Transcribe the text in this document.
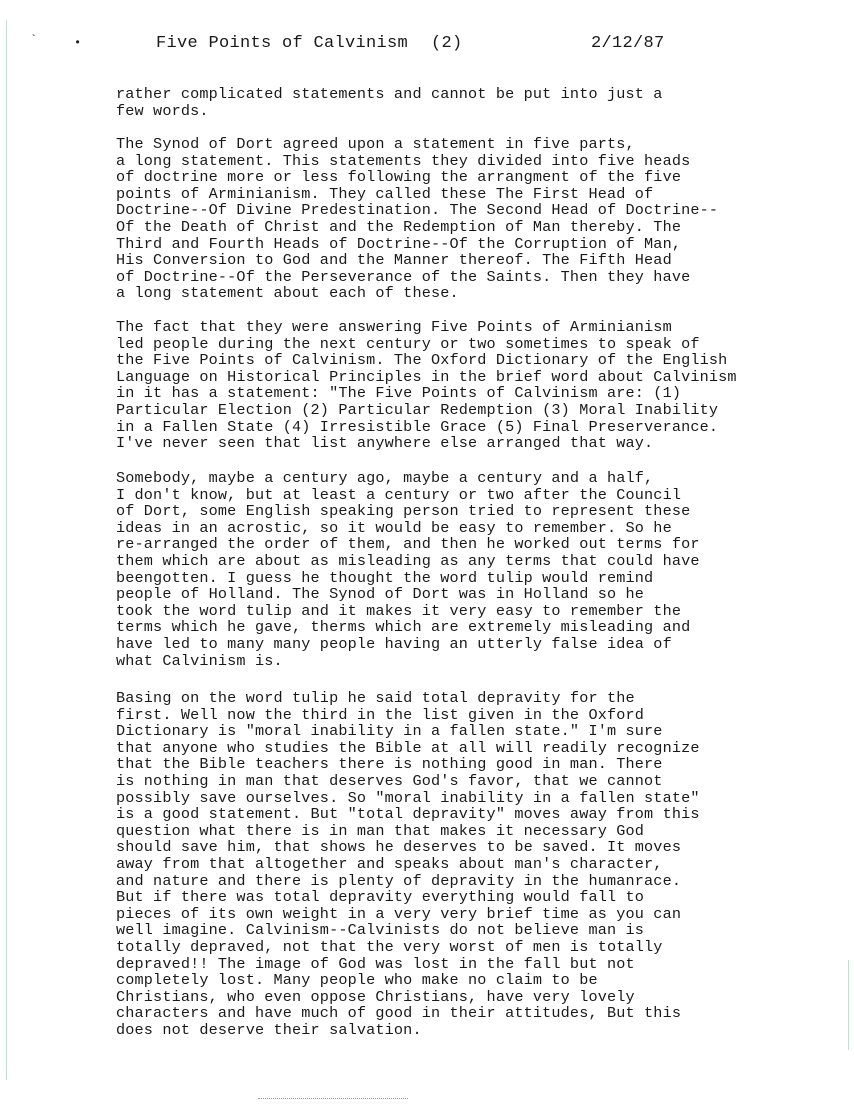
`	•

	Five Points of Calvinism

(2)

	2/12/87

rather complicated statements and cannot be put into just a
few words.

The Synod of Dort agreed upon a statement in five parts,
a long statement. This statements they divided into five heads
of doctrine more or less following the arrangment of the five
points of Arminianism. They called these The First Head of
Doctrine--Of Divine Predestination. The Second Head of Doctrine--
Of the Death of Christ and the Redemption of Man thereby. The
Third and Fourth Heads of Doctrine--Of the Corruption of Man,
His Conversion to God and the Manner thereof. The Fifth Head
of Doctrine--Of the Perseverance of the Saints. Then they have
a long statement about each of these.

The fact that they were answering Five Points of Arminianism
led people during the next century or two sometimes to speak of
the Five Points of Calvinism. The Oxford Dictionary of the English
Language on Historical Principles in the brief word about Calvinism
in it has a statement: "The Five Points of Calvinism are: (1)
Particular Election (2) Particular Redemption (3) Moral Inability
in a Fallen State (4) Irresistible Grace (5) Final Preserverance.
I've never seen that list anywhere else arranged that way.

Somebody, maybe a century ago, maybe a century and a half,
I don't know, but at least a century or two after the Council
of Dort, some English speaking person tried to represent these
ideas in an acrostic, so it would be easy to remember. So he
re-arranged the order of them, and then he worked out terms for
them which are about as misleading as any terms that could have
beengotten. I guess he thought the word tulip would remind
people of Holland. The Synod of Dort was in Holland so he
took the word tulip and it makes it very easy to remember the
terms which he gave, therms which are extremely misleading and
have led to many many people having an utterly false idea of
what Calvinism is.

Basing on the word tulip he said total depravity for the
first. Well now the third in the list given in the Oxford
Dictionary is "moral inability in a fallen state." I'm sure
that anyone who studies the Bible at all will readily recognize
that the Bible teachers there is nothing good in man. There
is nothing in man that deserves God's favor, that we cannot
possibly save ourselves. So "moral inability in a fallen state"
is a good statement. But "total depravity" moves away from this
question what there is in man that makes it necessary God
should save him, that shows he deserves to be saved. It moves
away from that altogether and speaks about man's character,
and nature and there is plenty of depravity in the humanrace.
But if there was total depravity everything would fall to
pieces of its own weight in a very very brief time as you can
well imagine. Calvinism--Calvinists do not believe man is
totally depraved, not that the very worst of men is totally
depraved!! The image of God was lost in the fall but not
completely lost. Many people who make no claim to be
Christians, who even oppose Christians, have very lovely
characters and have much of good in their attitudes, But this
does not deserve their salvation.
